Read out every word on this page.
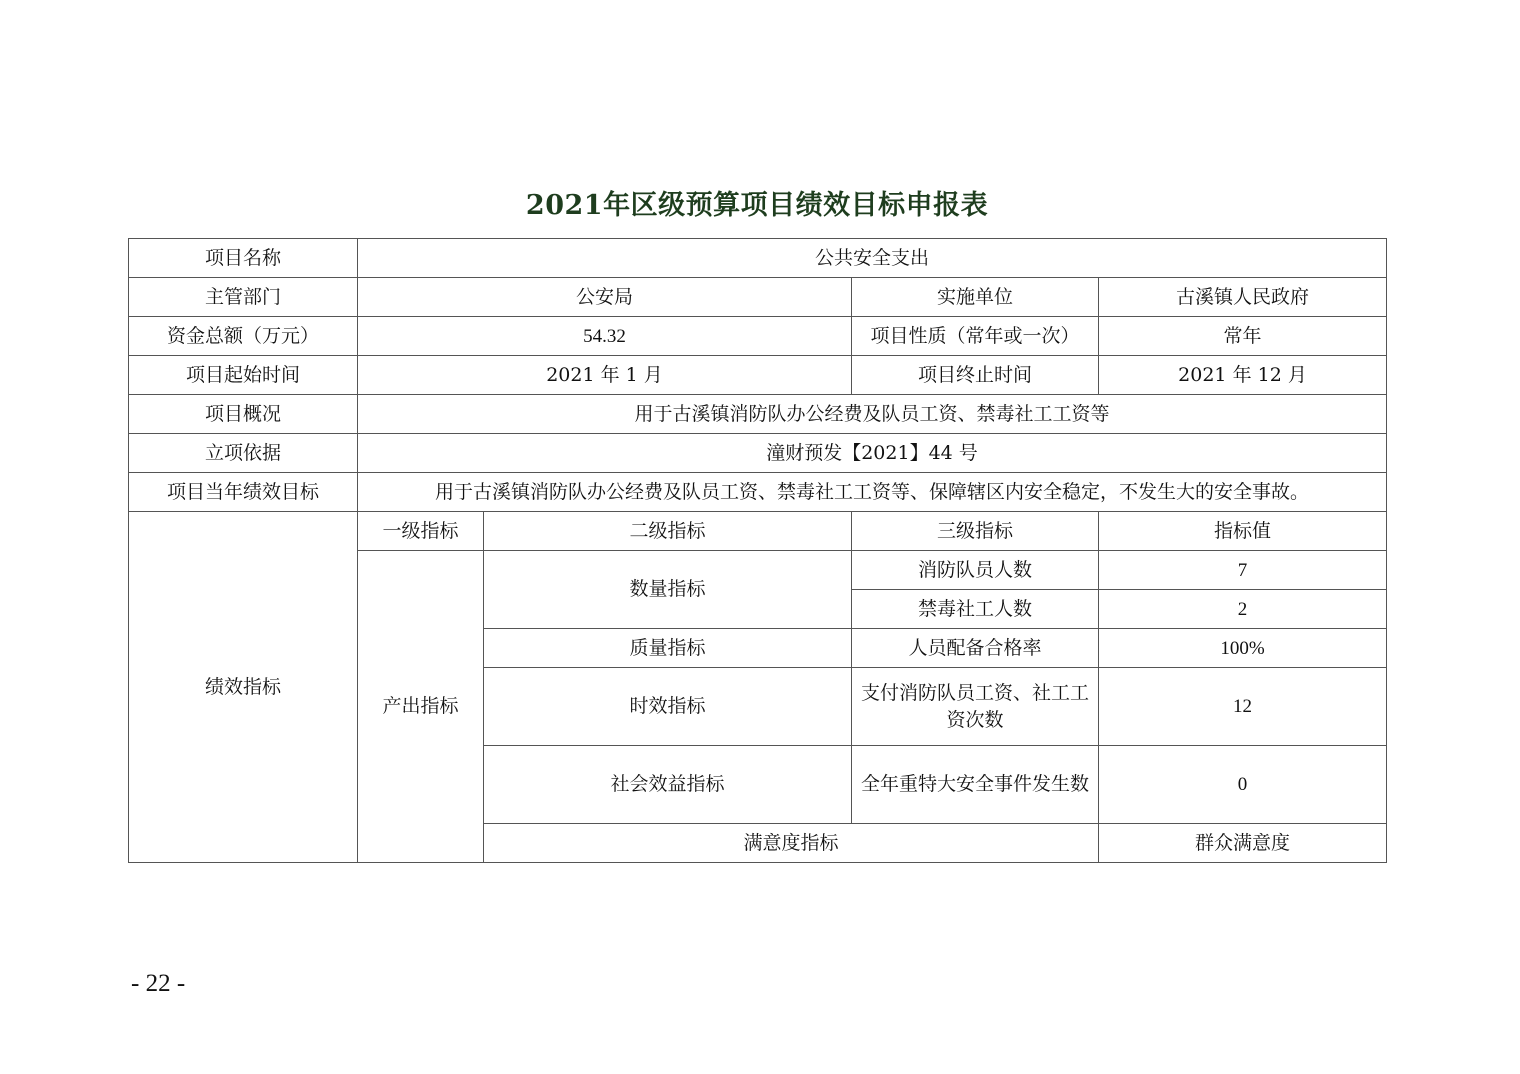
2021年区级预算项目绩效目标申报表
项目名称	公共安全支出				
主管部门	公安局		实施单位	古溪镇人民政府	
资金总额（万元）	54.32		项目性质（常年或一次）	常年	
项目起始时间	2021 年 1 月		项目终止时间	2021 年 12 月	
项目概况	用于古溪镇消防队办公经费及队员工资、禁毒社工工资等				
立项依据	潼财预发【2021】44 号				
项目当年绩效目标	用于古溪镇消防队办公经费及队员工资、禁毒社工工资等、保障辖区内安全稳定，不发生大的安全事故。				
绩效指标	一级指标	二级指标	三级指标	指标值	
	产出指标	数量指标	消防队员人数	7	
			禁毒社工人数	2	
		质量指标	人员配备合格率	100%	
		时效指标	支付消防队员工资、社工工资次数	12	
		社会效益指标	全年重特大安全事件发生数	0	
		满意度指标		群众满意度	
- 22 -
